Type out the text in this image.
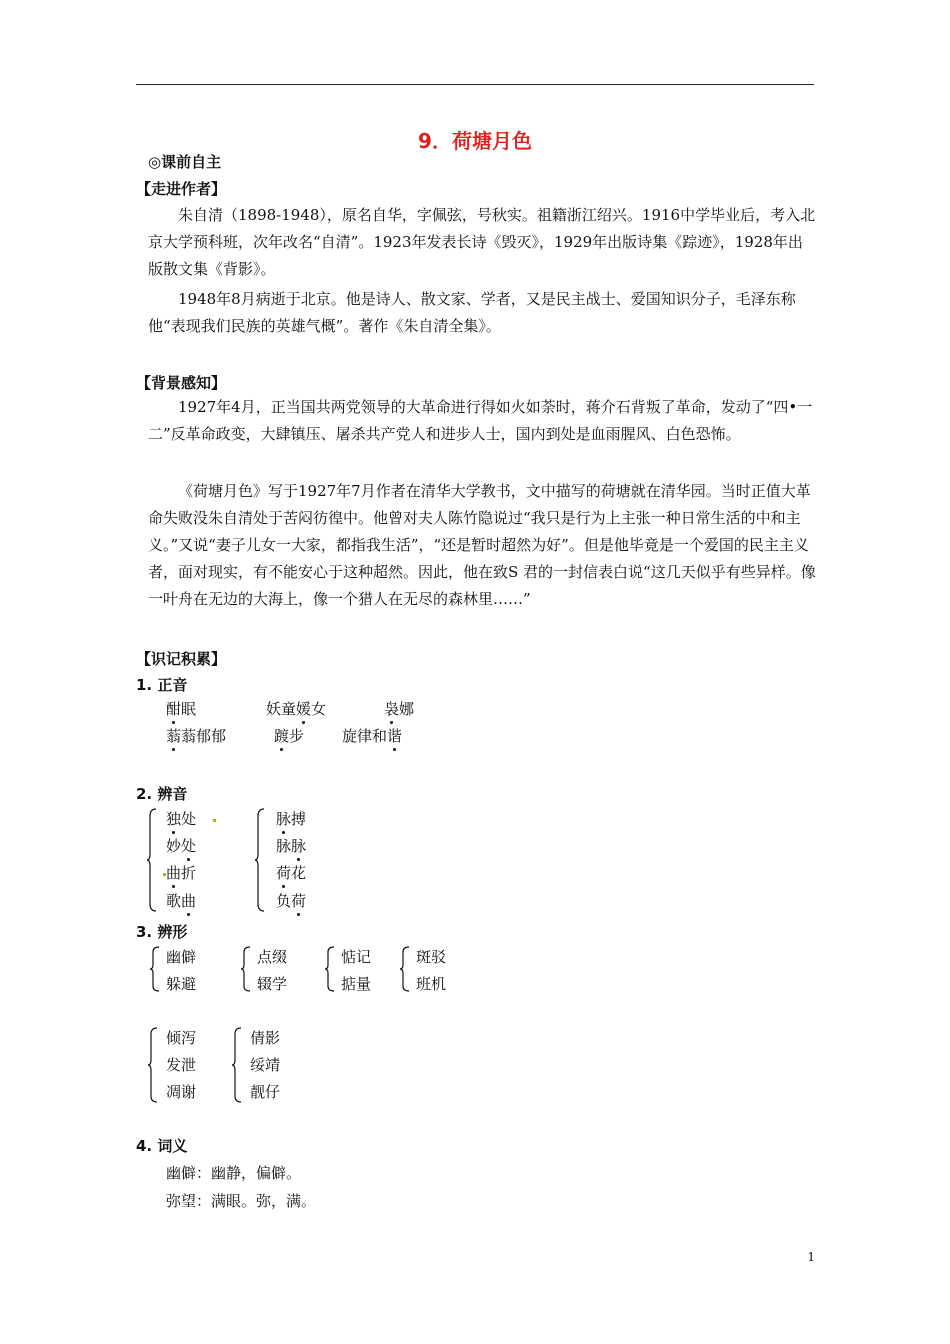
9．荷塘月色
◎课前自主
【走进作者】
朱自清（1898-1948），原名自华，字佩弦，号秋实。祖籍浙江绍兴。1916中学毕业后，考入北京大学预科班，次年改名“自清”。1923年发表长诗《毁灭》，1929年出版诗集《踪迹》，1928年出版散文集《背影》。
1948年8月病逝于北京。他是诗人、散文家、学者，又是民主战士、爱国知识分子，毛泽东称他“表现我们民族的英雄气概”。著作《朱自清全集》。
【背景感知】
1927年4月，正当国共两党领导的大革命进行得如火如荼时，蒋介石背叛了革命，发动了“四•一二”反革命政变，大肆镇压、屠杀共产党人和进步人士，国内到处是血雨腥风、白色恐怖。
《荷塘月色》写于1927年7月作者在清华大学教书，文中描写的荷塘就在清华园。当时正值大革命失败没朱自清处于苦闷彷徨中。他曾对夫人陈竹隐说过“我只是行为上主张一种日常生活的中和主义。”又说“妻子儿女一大家，都指我生活”，“还是暂时超然为好”。但是他毕竟是一个爱国的民主主义者，面对现实，有不能安心于这种超然。因此，他在致S 君的一封信表白说“这几天似乎有些异样。像一叶舟在无边的大海上，像一个猎人在无尽的森林里……”
【识记积累】
1. 正音
酣眠	妖童媛女	袅娜
蓊蓊郁郁	踱步	旋律和谐
2. 辨音
独处
妙处
曲折
歌曲
脉搏
脉脉
荷花
负荷
3. 辨形
幽僻
躲避
点缀
辍学
惦记
掂量
斑驳
班机
倾泻
发泄
凋谢
倩影
绥靖
靓仔
4. 词义
幽僻：幽静，偏僻。
弥望：满眼。弥，满。
1
